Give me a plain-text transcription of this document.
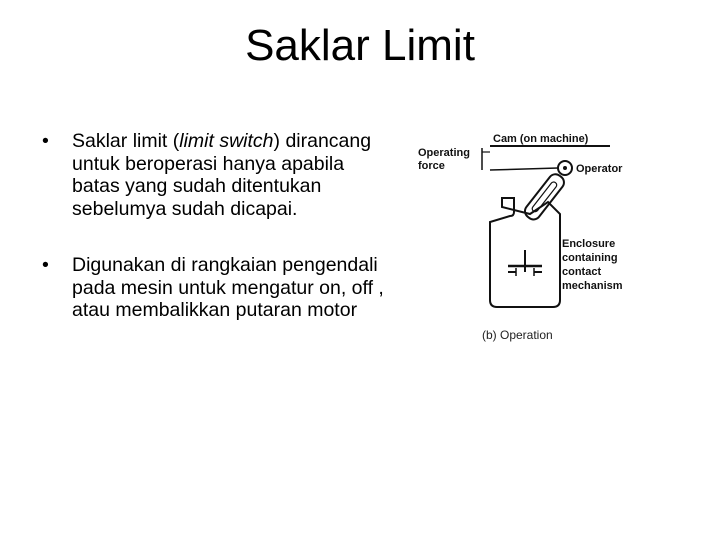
Saklar Limit
• Saklar limit (limit switch) dirancang untuk beroperasi hanya apabila batas yang sudah ditentukan sebelumya sudah dicapai.
• Digunakan di rangkaian pengendali pada mesin untuk mengatur on, off , atau membalikkan putaran motor
Cam (on machine)
Operating
force	Operator
Enclosure
containing
contact
mechanism
(b) Operation
